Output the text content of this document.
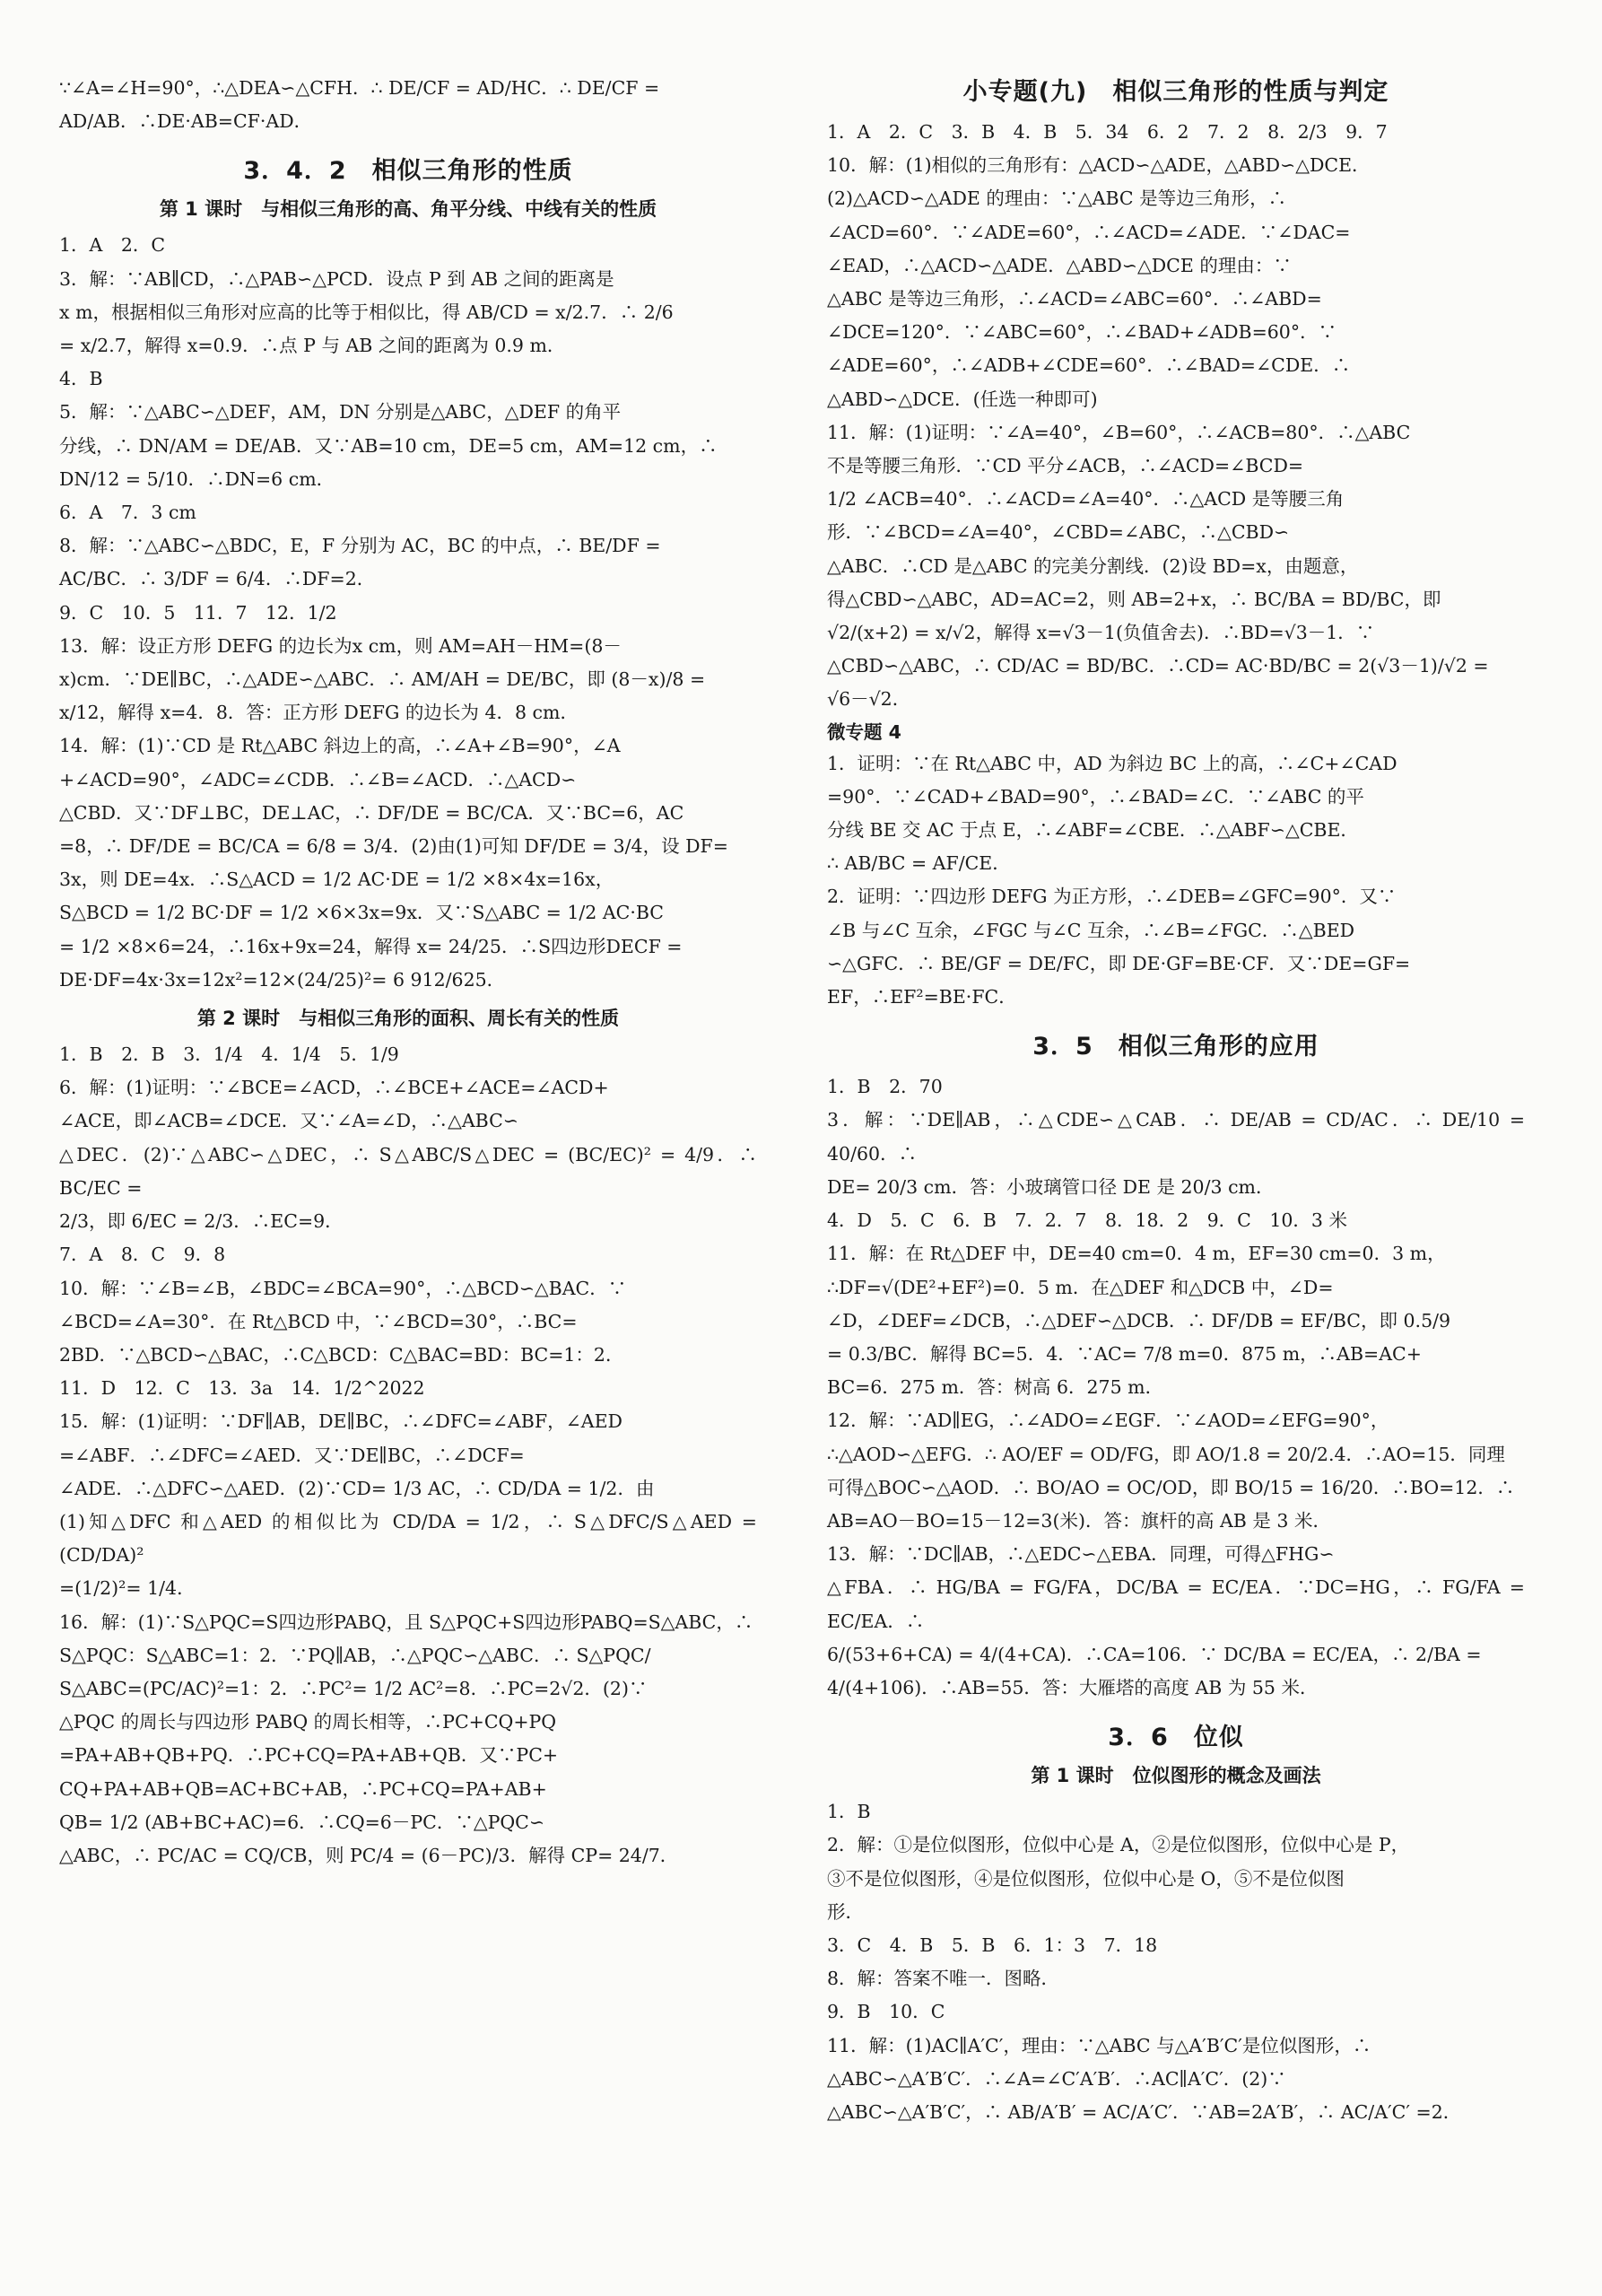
∵∠A=∠H=90°，∴△DEA∽△CFH．∴ DE/CF = AD/HC．∴ DE/CF =

AD/AB．∴DE·AB=CF·AD．

3．4．2　相似三角形的性质
第 1 课时　与相似三角形的高、角平分线、中线有关的性质

1．A　2．C

3．解：∵AB∥CD，∴△PAB∽△PCD．设点 P 到 AB 之间的距离是

x m，根据相似三角形对应高的比等于相似比，得 AB/CD = x/2.7．∴ 2/6

= x/2.7，解得 x=0.9．∴点 P 与 AB 之间的距离为 0.9 m．

4．B

5．解：∵△ABC∽△DEF，AM，DN 分别是△ABC，△DEF 的角平

分线，∴ DN/AM = DE/AB．又∵AB=10 cm，DE=5 cm，AM=12 cm，∴

DN/12 = 5/10．∴DN=6 cm．

6．A　7．3 cm

8．解：∵△ABC∽△BDC，E，F 分别为 AC，BC 的中点，∴ BE/DF =

AC/BC．∴ 3/DF = 6/4．∴DF=2．

9．C　10．5　11．7　12．1/2

13．解：设正方形 DEFG 的边长为x cm，则 AM=AH－HM=(8－

x)cm．∵DE∥BC，∴△ADE∽△ABC．∴ AM/AH = DE/BC，即 (8－x)/8 =

x/12，解得 x=4．8．答：正方形 DEFG 的边长为 4．8 cm．

14．解：(1)∵CD 是 Rt△ABC 斜边上的高，∴∠A+∠B=90°，∠A

+∠ACD=90°，∠ADC=∠CDB．∴∠B=∠ACD．∴△ACD∽

△CBD．又∵DF⊥BC，DE⊥AC，∴ DF/DE = BC/CA．又∵BC=6，AC

=8，∴ DF/DE = BC/CA = 6/8 = 3/4．(2)由(1)可知 DF/DE = 3/4，设 DF=

3x，则 DE=4x．∴S△ACD = 1/2 AC·DE = 1/2 ×8×4x=16x，

S△BCD = 1/2 BC·DF = 1/2 ×6×3x=9x．又∵S△ABC = 1/2 AC·BC

= 1/2 ×8×6=24，∴16x+9x=24，解得 x= 24/25．∴S四边形DECF =

DE·DF=4x·3x=12x²=12×(24/25)²= 6 912/625．

第 2 课时　与相似三角形的面积、周长有关的性质

1．B　2．B　3．1/4　4．1/4　5．1/9

6．解：(1)证明：∵∠BCE=∠ACD，∴∠BCE+∠ACE=∠ACD+

∠ACE，即∠ACB=∠DCE．又∵∠A=∠D，∴△ABC∽

△DEC．(2)∵△ABC∽△DEC，∴ S△ABC/S△DEC = (BC/EC)² = 4/9．∴ BC/EC =

2/3，即 6/EC = 2/3．∴EC=9．

7．A　8．C　9．8

10．解：∵∠B=∠B，∠BDC=∠BCA=90°，∴△BCD∽△BAC．∵

∠BCD=∠A=30°．在 Rt△BCD 中，∵∠BCD=30°，∴BC=

2BD．∵△BCD∽△BAC，∴C△BCD：C△BAC=BD：BC=1：2．

11．D　12．C　13．3a　14．1/2^2022

15．解：(1)证明：∵DF∥AB，DE∥BC，∴∠DFC=∠ABF，∠AED

=∠ABF．∴∠DFC=∠AED．又∵DE∥BC，∴∠DCF=

∠ADE．∴△DFC∽△AED．(2)∵CD= 1/3 AC，∴ CD/DA = 1/2．由

(1)知△DFC 和△AED 的相似比为 CD/DA = 1/2，∴ S△DFC/S△AED = (CD/DA)²

=(1/2)²= 1/4．

16．解：(1)∵S△PQC=S四边形PABQ，且 S△PQC+S四边形PABQ=S△ABC，∴

S△PQC：S△ABC=1：2．∵PQ∥AB，∴△PQC∽△ABC．∴ S△PQC/

S△ABC=(PC/AC)²=1：2．∴PC²= 1/2 AC²=8．∴PC=2√2．(2)∵

△PQC 的周长与四边形 PABQ 的周长相等，∴PC+CQ+PQ

=PA+AB+QB+PQ．∴PC+CQ=PA+AB+QB．又∵PC+

CQ+PA+AB+QB=AC+BC+AB，∴PC+CQ=PA+AB+

QB= 1/2 (AB+BC+AC)=6．∴CQ=6－PC．∵△PQC∽

△ABC，∴ PC/AC = CQ/CB，则 PC/4 = (6－PC)/3．解得 CP= 24/7．

小专题(九)　相似三角形的性质与判定

1．A　2．C　3．B　4．B　5．34　6．2　7．2　8．2/3　9．7

10．解：(1)相似的三角形有：△ACD∽△ADE，△ABD∽△DCE．

(2)△ACD∽△ADE 的理由：∵△ABC 是等边三角形，∴

∠ACD=60°．∵∠ADE=60°，∴∠ACD=∠ADE．∵∠DAC=

∠EAD，∴△ACD∽△ADE．△ABD∽△DCE 的理由：∵

△ABC 是等边三角形，∴∠ACD=∠ABC=60°．∴∠ABD=

∠DCE=120°．∵∠ABC=60°，∴∠BAD+∠ADB=60°．∵

∠ADE=60°，∴∠ADB+∠CDE=60°．∴∠BAD=∠CDE．∴

△ABD∽△DCE．(任选一种即可)

11．解：(1)证明：∵∠A=40°，∠B=60°，∴∠ACB=80°．∴△ABC

不是等腰三角形．∵CD 平分∠ACB，∴∠ACD=∠BCD=

1/2 ∠ACB=40°．∴∠ACD=∠A=40°．∴△ACD 是等腰三角

形．∵∠BCD=∠A=40°，∠CBD=∠ABC，∴△CBD∽

△ABC．∴CD 是△ABC 的完美分割线．(2)设 BD=x，由题意，

得△CBD∽△ABC，AD=AC=2，则 AB=2+x，∴ BC/BA = BD/BC，即

√2/(x+2) = x/√2，解得 x=√3－1(负值舍去)．∴BD=√3－1．∵

△CBD∽△ABC，∴ CD/AC = BD/BC．∴CD= AC·BD/BC = 2(√3－1)/√2 =

√6－√2．

微专题 4

1．证明：∵在 Rt△ABC 中，AD 为斜边 BC 上的高，∴∠C+∠CAD

=90°．∵∠CAD+∠BAD=90°，∴∠BAD=∠C．∵∠ABC 的平

分线 BE 交 AC 于点 E，∴∠ABF=∠CBE．∴△ABF∽△CBE．

∴ AB/BC = AF/CE．

2．证明：∵四边形 DEFG 为正方形，∴∠DEB=∠GFC=90°．又∵

∠B 与∠C 互余，∠FGC 与∠C 互余，∴∠B=∠FGC．∴△BED

∽△GFC．∴ BE/GF = DE/FC，即 DE·GF=BE·CF．又∵DE=GF=

EF，∴EF²=BE·FC．

3．5　相似三角形的应用

1．B　2．70

3．解：∵DE∥AB，∴△CDE∽△CAB．∴ DE/AB = CD/AC．∴ DE/10 = 40/60．∴

DE= 20/3 cm．答：小玻璃管口径 DE 是 20/3 cm．

4．D　5．C　6．B　7．2．7　8．18．2　9．C　10．3 米

11．解：在 Rt△DEF 中，DE=40 cm=0．4 m，EF=30 cm=0．3 m，

∴DF=√(DE²+EF²)=0．5 m．在△DEF 和△DCB 中，∠D=

∠D，∠DEF=∠DCB，∴△DEF∽△DCB．∴ DF/DB = EF/BC，即 0.5/9

= 0.3/BC．解得 BC=5．4．∵AC= 7/8 m=0．875 m，∴AB=AC+

BC=6．275 m．答：树高 6．275 m．

12．解：∵AD∥EG，∴∠ADO=∠EGF．∵∠AOD=∠EFG=90°，

∴△AOD∽△EFG．∴ AO/EF = OD/FG，即 AO/1.8 = 20/2.4．∴AO=15．同理

可得△BOC∽△AOD．∴ BO/AO = OC/OD，即 BO/15 = 16/20．∴BO=12．∴

AB=AO－BO=15－12=3(米)．答：旗杆的高 AB 是 3 米．

13．解：∵DC∥AB，∴△EDC∽△EBA．同理，可得△FHG∽

△FBA．∴ HG/BA = FG/FA，DC/BA = EC/EA．∵DC=HG，∴ FG/FA = EC/EA．∴

6/(53+6+CA) = 4/(4+CA)．∴CA=106．∵ DC/BA = EC/EA，∴ 2/BA =

4/(4+106)．∴AB=55．答：大雁塔的高度 AB 为 55 米．

3．6　位似
第 1 课时　位似图形的概念及画法

1．B

2．解：①是位似图形，位似中心是 A，②是位似图形，位似中心是 P，

③不是位似图形，④是位似图形，位似中心是 O，⑤不是位似图

形．

3．C　4．B　5．B　6．1：3　7．18

8．解：答案不唯一．图略．

9．B　10．C

11．解：(1)AC∥A′C′，理由：∵△ABC 与△A′B′C′是位似图形，∴

△ABC∽△A′B′C′．∴∠A=∠C′A′B′．∴AC∥A′C′．(2)∵

△ABC∽△A′B′C′，∴ AB/A′B′ = AC/A′C′．∵AB=2A′B′，∴ AC/A′C′ =2．
